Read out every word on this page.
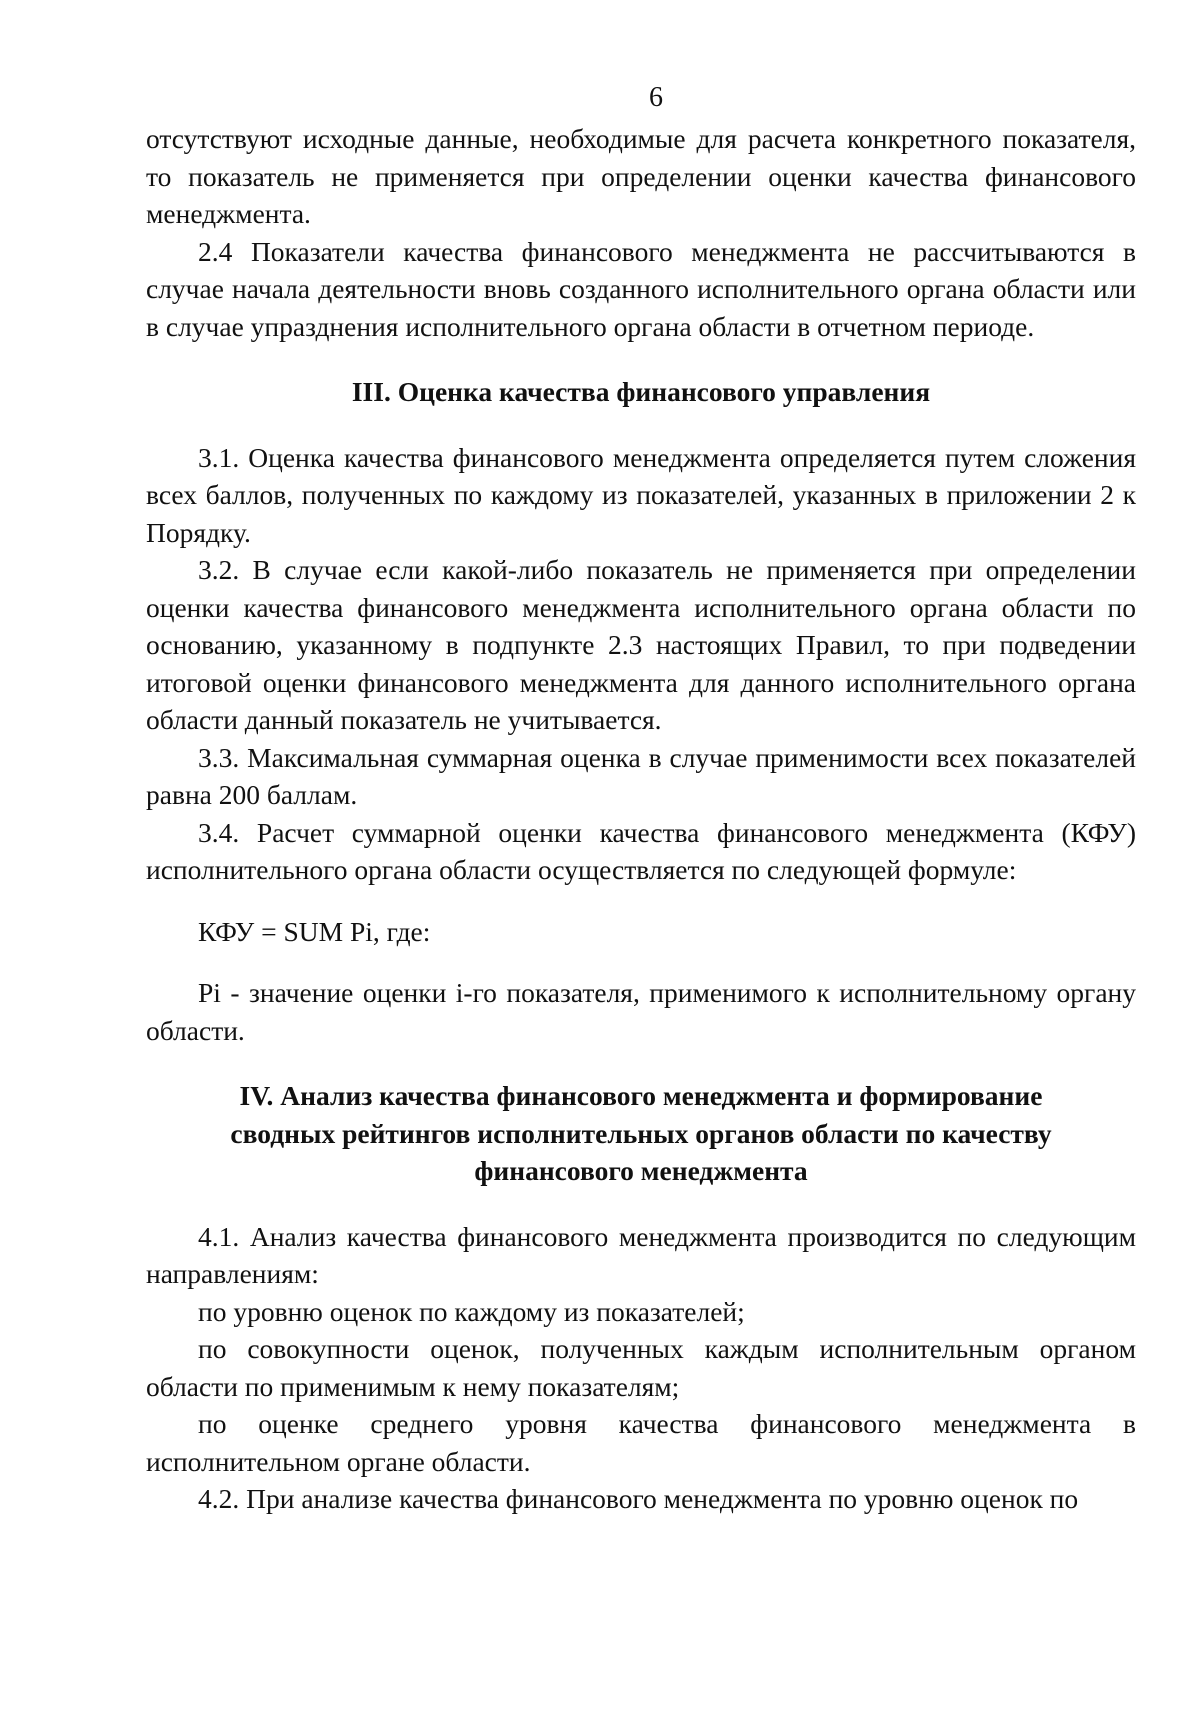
6

отсутствуют исходные данные, необходимые для расчета конкретного показателя, то показатель не применяется при определении оценки качества финансового менеджмента.

2.4 Показатели качества финансового менеджмента не рассчитываются в случае начала деятельности вновь созданного исполнительного органа области или в случае упразднения исполнительного органа области в отчетном периоде.

III. Оценка качества финансового управления

3.1. Оценка качества финансового менеджмента определяется путем сложения всех баллов, полученных по каждому из показателей, указанных в приложении 2 к Порядку.

3.2. В случае если какой-либо показатель не применяется при определении оценки качества финансового менеджмента исполнительного органа области по основанию, указанному в подпункте 2.3 настоящих Правил, то при подведении итоговой оценки финансового менеджмента для данного исполнительного органа области данный показатель не учитывается.

3.3. Максимальная суммарная оценка в случае применимости всех показателей равна 200 баллам.

3.4. Расчет суммарной оценки качества финансового менеджмента (КФУ) исполнительного органа области осуществляется по следующей формуле:

КФУ = SUM Pi, где:

Pi - значение оценки i-го показателя, применимого к исполнительному органу области.

IV. Анализ качества финансового менеджмента и формирование

сводных рейтингов исполнительных органов области по качеству

финансового менеджмента

4.1. Анализ качества финансового менеджмента производится по следующим направлениям:

по уровню оценок по каждому из показателей;

по совокупности оценок, полученных каждым исполнительным органом области по применимым к нему показателям;

по оценке среднего уровня качества финансового менеджмента в исполнительном органе области.

4.2. При анализе качества финансового менеджмента по уровню оценок по
